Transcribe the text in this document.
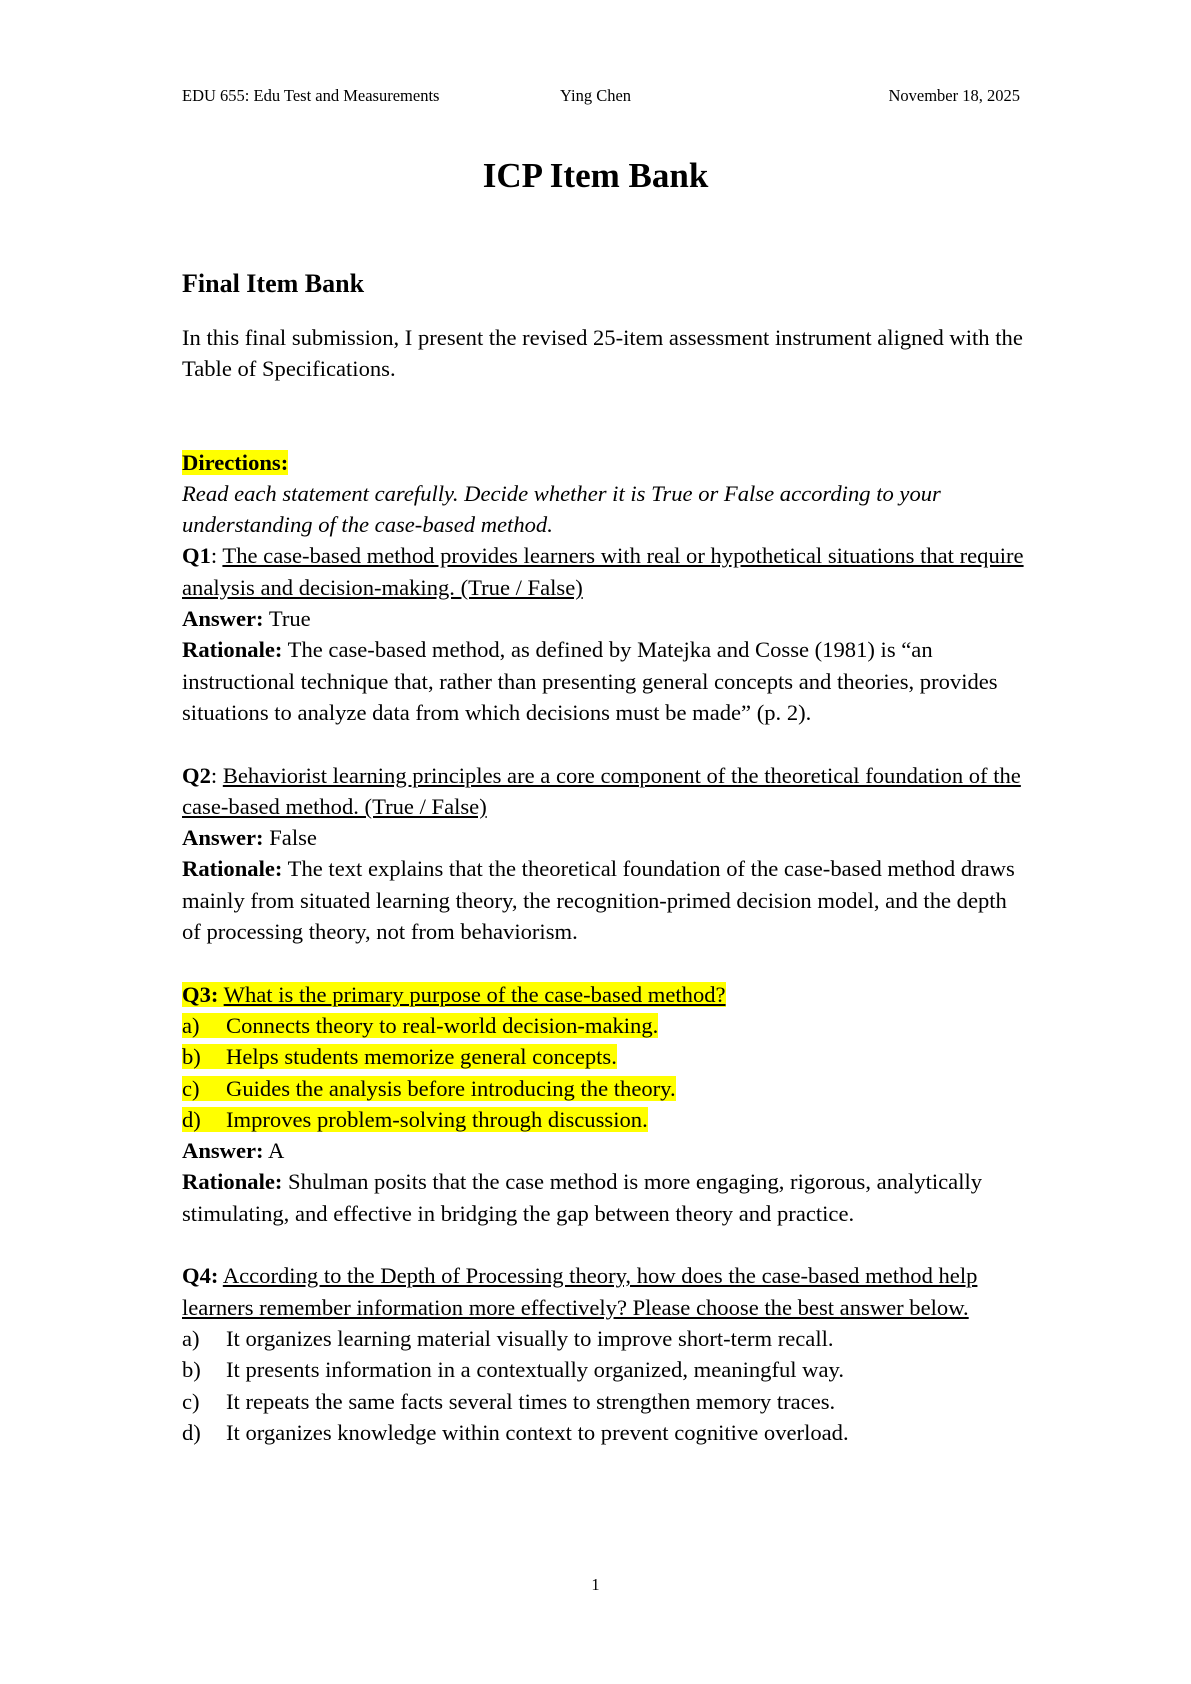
EDU 655: Edu Test and Measurements	Ying Chen	November 18, 2025
ICP Item Bank
Final Item Bank

In this final submission, I present the revised 25-item assessment instrument aligned with the Table of Specifications.

Directions:

Read each statement carefully. Decide whether it is True or False according to your understanding of the case-based method.

Q1: The case-based method provides learners with real or hypothetical situations that require analysis and decision-making. (True / False)

Answer: True

Rationale: The case-based method, as defined by Matejka and Cosse (1981) is “an instructional technique that, rather than presenting general concepts and theories, provides situations to analyze data from which decisions must be made” (p. 2).

Q2: Behaviorist learning principles are a core component of the theoretical foundation of the case-based method. (True / False)

Answer: False

Rationale: The text explains that the theoretical foundation of the case-based method draws mainly from situated learning theory, the recognition-primed decision model, and the depth of processing theory, not from behaviorism.

Q3: What is the primary purpose of the case-based method?

a) Connects theory to real-world decision-making.
b) Helps students memorize general concepts.
c) Guides the analysis before introducing the theory.
d) Improves problem-solving through discussion.

Answer: A

Rationale: Shulman posits that the case method is more engaging, rigorous, analytically stimulating, and effective in bridging the gap between theory and practice.

Q4: According to the Depth of Processing theory, how does the case-based method help learners remember information more effectively? Please choose the best answer below.

a) It organizes learning material visually to improve short-term recall.
b) It presents information in a contextually organized, meaningful way.
c) It repeats the same facts several times to strengthen memory traces.
d) It organizes knowledge within context to prevent cognitive overload.
1
